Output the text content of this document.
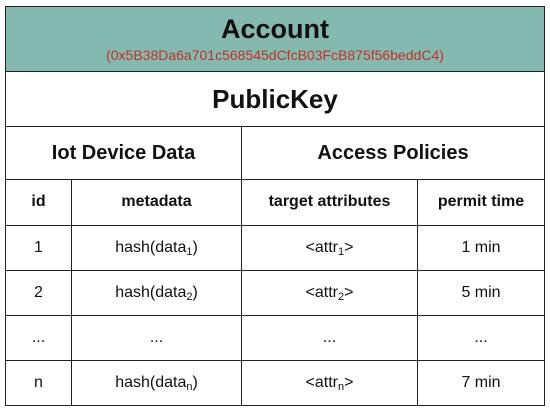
Account
(0x5B38Da6a701c568545dCfcB03FcB875f56beddC4)			

PublicKey			
Iot Device Data		Access Policies	
id	metadata	target attributes	permit time
1	hash(data$_1$)	<attr$_1$>	1 min
2	hash(data$_2$)	<attr$_2$>	5 min
...	...	...	...
n	hash(data$_n$)	<attr$_n$>	7 min
